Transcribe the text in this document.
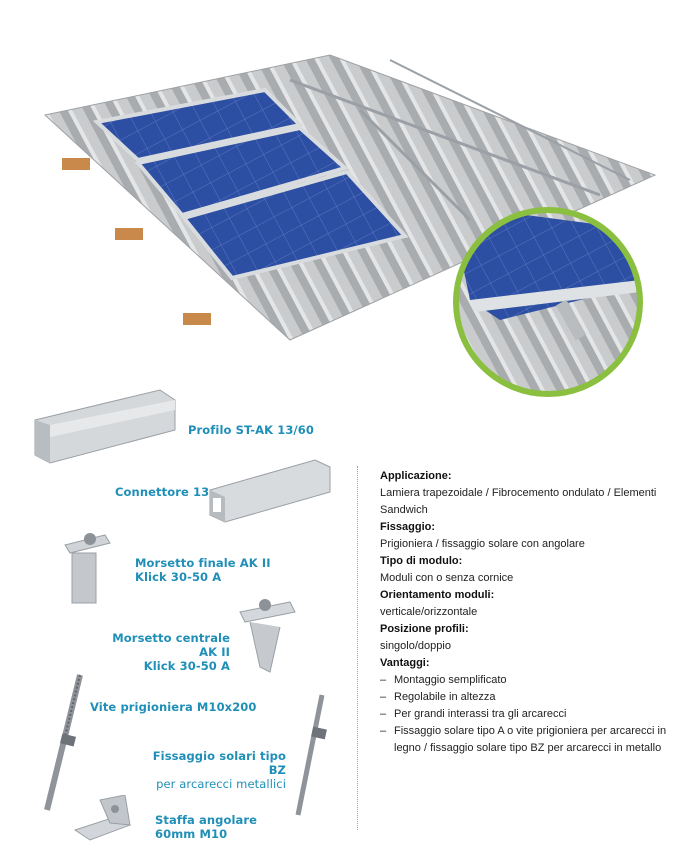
Profilo ST-AK 13/60
Connettore 13
Morsetto finale AK II
Klick 30-50 A
Morsetto centrale AK II
Klick 30-50 A
Vite prigioniera M10x200
Fissaggio solari tipo BZ
per arcarecci metallici
Staffa angolare
60mm M10
Applicazione:
Lamiera trapezoidale / Fibrocemento ondulato / Elementi Sandwich
Fissaggio:
Prigioniera / fissaggio solare con angolare
Tipo di modulo:
Moduli con o senza cornice
Orientamento moduli:
verticale/orizzontale
Posizione profili:
singolo/doppio
Vantaggi:
– Montaggio semplificato
– Regolabile in altezza
– Per grandi interassi tra gli arcarecci
– Fissaggio solare tipo A o vite prigioniera per arcarecci in legno / fissaggio solare tipo BZ per arcarecci in metallo
